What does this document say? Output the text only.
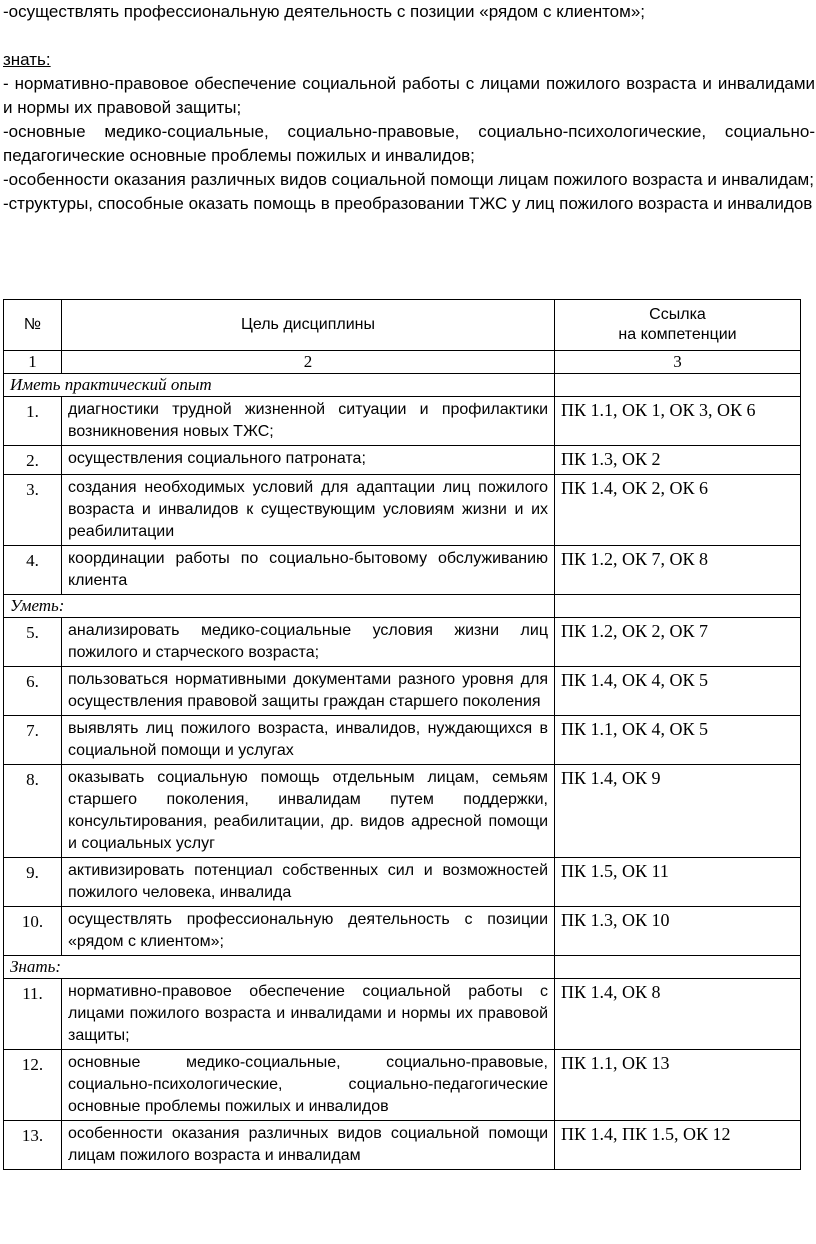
-осуществлять профессиональную деятельность с позиции «рядом с клиентом»;

знать:

- нормативно-правовое обеспечение социальной работы с лицами пожилого возраста и инвалидами и нормы их правовой защиты;

-основные медико-социальные, социально-правовые, социально-психологические, социально-педагогические основные проблемы пожилых и инвалидов;

-особенности оказания различных видов социальной помощи лицам пожилого возраста и инвалидам;

-структуры, способные оказать помощь в преобразовании ТЖС у лиц пожилого возраста и инвалидов

№	Цель дисциплины	Ссылка
на компетенции
1	2	3
Иметь практический опыт		
1.	диагностики трудной жизненной ситуации и профилактики возникновения новых ТЖС;	ПК 1.1, ОК 1, ОК 3, ОК 6
2.	осуществления социального патроната;	ПК 1.3, ОК 2
3.	создания необходимых условий для адаптации лиц пожилого возраста и инвалидов к существующим условиям жизни и их реабилитации	ПК 1.4, ОК 2, ОК 6
4.	координации работы по социально-бытовому обслуживанию клиента	ПК 1.2, ОК 7, ОК 8
Уметь:		
5.	анализировать медико-социальные условия жизни лиц пожилого и старческого возраста;	ПК 1.2, ОК 2, ОК 7
6.	пользоваться нормативными документами разного уровня для осуществления правовой защиты граждан старшего поколения	ПК 1.4, ОК 4, ОК 5
7.	выявлять лиц пожилого возраста, инвалидов, нуждающихся в социальной помощи и услугах	ПК 1.1, ОК 4, ОК 5
8.	оказывать социальную помощь отдельным лицам, семьям старшего поколения, инвалидам путем поддержки, консультирования, реабилитации, др. видов адресной помощи и социальных услуг	ПК 1.4, ОК 9
9.	активизировать потенциал собственных сил и возможностей пожилого человека, инвалида	ПК 1.5, ОК 11
10.	осуществлять профессиональную деятельность с позиции «рядом с клиентом»;	ПК 1.3, ОК 10
Знать:		
11.	нормативно-правовое обеспечение социальной работы с лицами пожилого возраста и инвалидами и нормы их правовой защиты;	ПК 1.4, ОК 8
12.	основные медико-социальные, социально-правовые, социально-психологические, социально-педагогические основные проблемы пожилых и инвалидов	ПК 1.1, ОК 13
13.	особенности оказания различных видов социальной помощи лицам пожилого возраста и инвалидам	ПК 1.4, ПК 1.5, ОК 12
